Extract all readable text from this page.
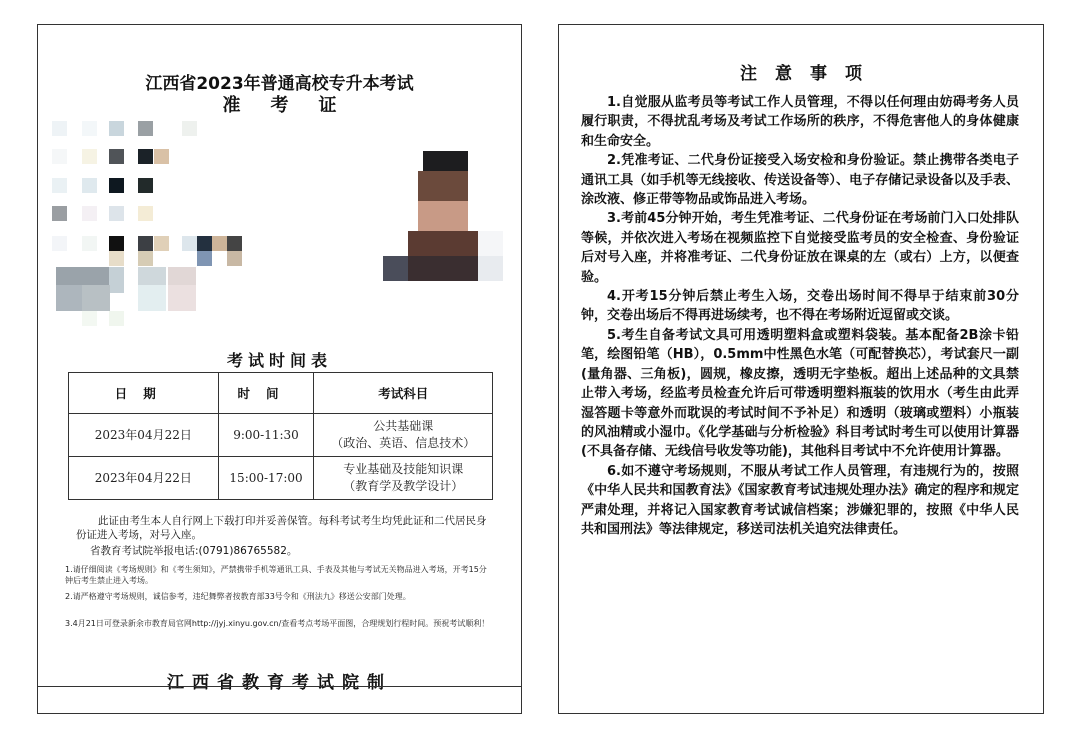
江西省2023年普通高校专升本考试
准考证
考试时间表
日期	时间	考试科目
2023年04月22日	9:00-11:30	公共基础课
（政治、英语、信息技术）

2023年04月22日	15:00-17:00	专业基础及技能知识课
（教育学及教学设计）
此证由考生本人自行网上下载打印并妥善保管。每科考试考生均凭此证和二代居民身份证进入考场，对号入座。
省教育考试院举报电话:(0791)86765582。
1.请仔细阅读《考场规则》和《考生须知》，严禁携带手机等通讯工具、手表及其他与考试无关物品进入考场，开考15分钟后考生禁止进入考场。
2.请严格遵守考场规则，诚信参考，违纪舞弊者按教育部33号令和《刑法九》移送公安部门处理。
3.4月21日可登录新余市教育局官网http://jyj.xinyu.gov.cn/查看考点考场平面图，合理规划行程时间。预祝考试顺利！
江西省教育考试院制
注意事项

1.自觉服从监考员等考试工作人员管理，不得以任何理由妨碍考务人员履行职责，不得扰乱考场及考试工作场所的秩序，不得危害他人的身体健康和生命安全。

2.凭准考证、二代身份证接受入场安检和身份验证。禁止携带各类电子通讯工具（如手机等无线接收、传送设备等）、电子存储记录设备以及手表、涂改液、修正带等物品或饰品进入考场。

3.考前45分钟开始，考生凭准考证、二代身份证在考场前门入口处排队等候，并依次进入考场在视频监控下自觉接受监考员的安全检查、身份验证后对号入座，并将准考证、二代身份证放在课桌的左（或右）上方，以便查验。

4.开考15分钟后禁止考生入场，交卷出场时间不得早于结束前30分钟，交卷出场后不得再进场续考，也不得在考场附近逗留或交谈。

5.考生自备考试文具可用透明塑料盒或塑料袋装。基本配备2B涂卡铅笔，绘图铅笔（HB），0.5mm中性黑色水笔（可配替换芯），考试套尺一副(量角器、三角板)，圆规，橡皮擦，透明无字垫板。超出上述品种的文具禁止带入考场，经监考员检查允许后可带透明塑料瓶装的饮用水（考生由此弄湿答题卡等意外而耽误的考试时间不予补足）和透明（玻璃或塑料）小瓶装的风油精或小湿巾。《化学基础与分析检验》科目考试时考生可以使用计算器(不具备存储、无线信号收发等功能)，其他科目考试中不允许使用计算器。

6.如不遵守考场规则，不服从考试工作人员管理，有违规行为的，按照《中华人民共和国教育法》《国家教育考试违规处理办法》确定的程序和规定严肃处理，并将记入国家教育考试诚信档案；涉嫌犯罪的，按照《中华人民共和国刑法》等法律规定，移送司法机关追究法律责任。
